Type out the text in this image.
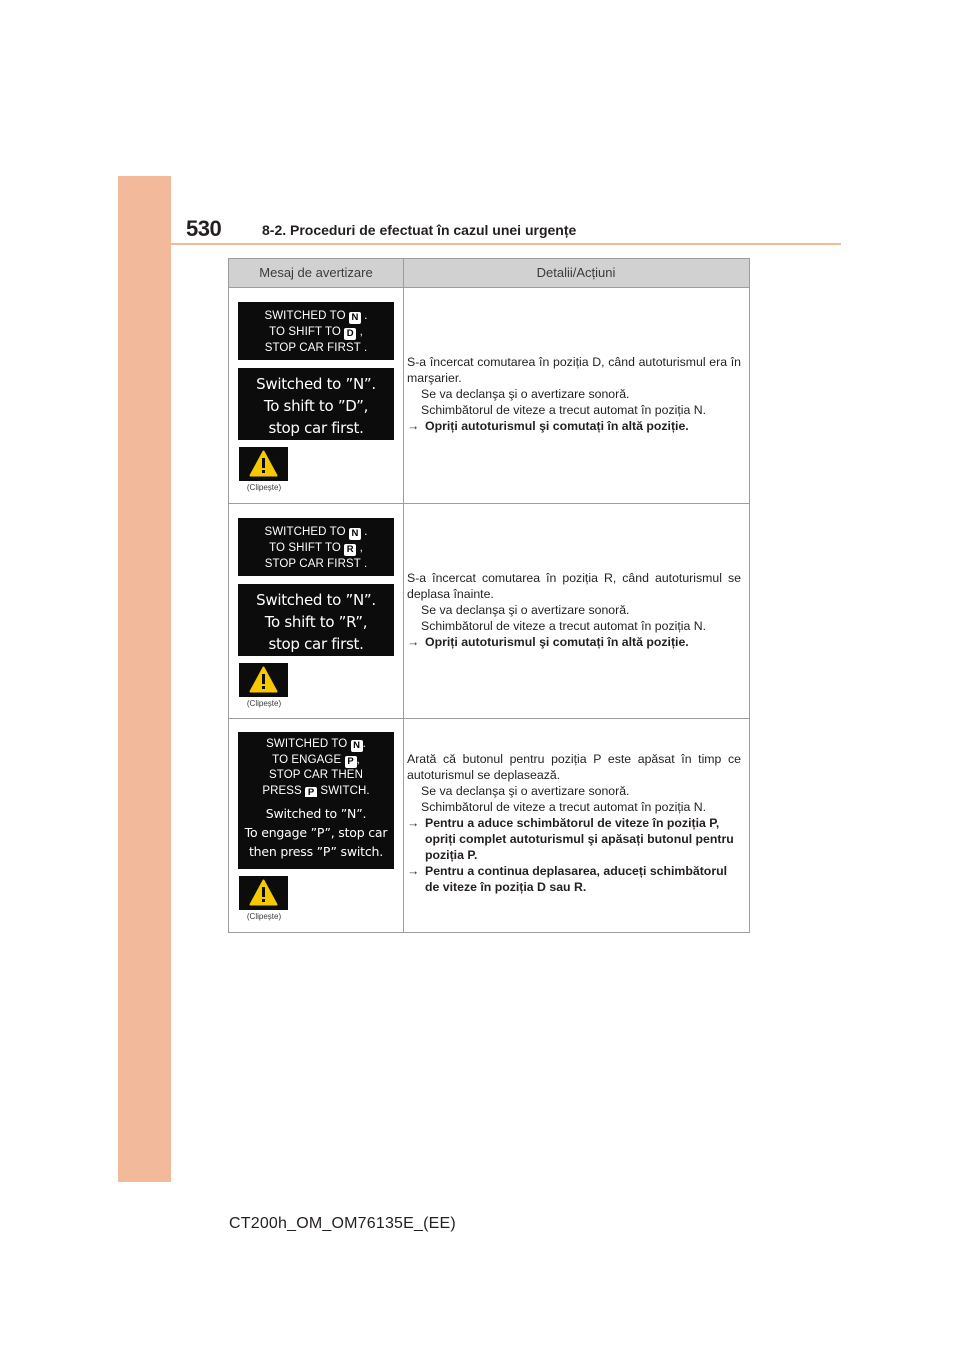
530	8-2. Proceduri de efectuat în cazul unei urgențe
Mesaj de avertizare	Detalii/Acțiuni
SWITCHED TO N .
TO SHIFT TO D ,
STOP CAR FIRST .
Switched to ”N”.
To shift to ”D”,
stop car first.
(Clipește)

S-a încercat comutarea în poziția D, când autoturismul era în marşarier.

Se va declanşa şi o avertizare sonoră.

Schimbătorul de viteze a trecut automat în poziția N.

→ Opriți autoturismul şi comutați în altă poziție.

SWITCHED TO N .
TO SHIFT TO R ,
STOP CAR FIRST .
Switched to ”N”.
To shift to ”R”,
stop car first.
(Clipește)

S-a încercat comutarea în poziția R, când autoturismul se deplasa înainte.

Se va declanşa şi o avertizare sonoră.

Schimbătorul de viteze a trecut automat în poziția N.

→ Opriți autoturismul şi comutați în altă poziție.

SWITCHED TO N .
TO ENGAGE P ,
STOP CAR THEN
PRESS P SWITCH.
Switched to ”N”.
To engage ”P”, stop car
then press ”P” switch.
(Clipește)

Arată că butonul pentru poziția P este apăsat în timp ce autoturismul se deplasează.

Se va declanşa şi o avertizare sonoră.

Schimbătorul de viteze a trecut automat în poziția N.

→ Pentru a aduce schimbătorul de viteze în poziția P, opriți complet autoturismul şi apăsați butonul pentru poziția P.

→ Pentru a continua deplasarea, aduceți schimbătorul de viteze în poziția D sau R.

CT200h_OM_OM76135E_(EE)
